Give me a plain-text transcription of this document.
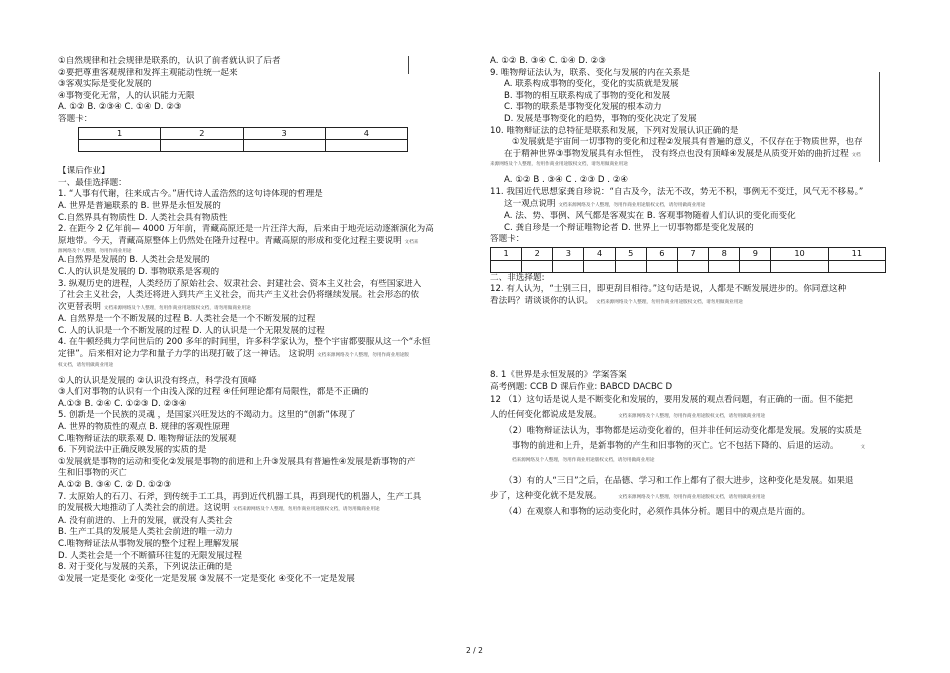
①自然规律和社会规律是联系的，认识了前者就认识了后者
②要把尊重客观规律和发挥主观能动性统一起来
③客观实际是变化发展的
④事物变化无常，人的认识能力无限
A. ①② B. ②③④ C. ①④ D. ②③
答题卡：
1	2	3	4

【课后作业】
一、最佳选择题：
1. “人事有代谢，往来成古今。”唐代诗人孟浩然的这句诗体现的哲理是
A. 世界是普遍联系的 B. 世界是永恒发展的
C.自然界具有物质性 D. 人类社会具有物质性
2. 在距今 2 亿年前— 4000 万年前，青藏高原还是一片汪洋大海，后来由于地壳运动逐渐演化为高
原地带。今天，青藏高原整体上仍然处在隆升过程中。青藏高原的形成和变化过程主要说明 文档来
源网络及个人整理，勿用作商业用途
A.自然界是发展的 B. 人类社会是发展的
C.人的认识是发展的 D. 事物联系是客观的
3. 纵观历史的进程，人类经历了原始社会、奴隶社会、封建社会、资本主义社会，有些国家进入
了社会主义社会，人类还将进入到共产主义社会，而共产主义社会仍将继续发展。社会形态的依
次更替表明 文档来源网络及个人整理，勿用作商业用途版权文档，请勿用做商业用途
A. 自然界是一个不断发展的过程 B. 人类社会是一个不断发展的过程
C. 人的认识是一个不断发展的过程 D. 人的认识是一个无限发展的过程
4. 在牛顿经典力学问世后的 200 多年的时间里，许多科学家认为，整个宇宙都要服从这一个“永恒
定律”。后来相对论力学和量子力学的出现打破了这一神话。 这说明 文档来源网络及个人整理，勿用作商业用途版
权文档，请勿用做商业用途
①人的认识是发展的 ②认识没有终点，科学没有顶峰
③人们对事物的认识有一个由浅入深的过程 ④任何理论都有局限性，都是不正确的
A.①③ B. ②④ C. ①②③ D. ②③④
5. 创新是一个民族的灵魂 ，是国家兴旺发达的不竭动力。这里的“创新”体现了
A. 世界的物质性的观点 B. 规律的客观性原理
C.唯物辩证法的联系观 D. 唯物辩证法的发展观
6. 下列说法中正确反映发展的实质的是
①发展就是事物的运动和变化②发展是事物的前进和上升③发展具有普遍性④发展是新事物的产
生和旧事物的灭亡
A.①② B. ③④ C. ② D. ①②③
7. 太原始人的石刀、石斧，到传统手工工具，再到近代机器工具，再到现代的机器人，生产工具
的发展极大地推动了人类社会的前进。这说明 文档来源网络及个人整理，勿用作商业用途版权文档，请勿用做商业用途
A. 没有前进的、上升的发展，就没有人类社会
B. 生产工具的发展是人类社会前进的唯一动力
C.唯物辩证法从事物发展的整个过程上理解发展
D. 人类社会是一个不断循环往复的无限发展过程
8. 对于变化与发展的关系，下列说法正确的是
①发展一定是变化 ②变化一定是发展 ③发展不一定是变化 ④变化不一定是发展
A. ①② B. ③④ C. ①④ D. ②③
9. 唯物辩证法认为，联系、变化与发展的内在关系是
A. 联系构成事物的变化，变化的实质就是发展
B. 事物的相互联系构成了事物的变化和发展
C. 事物的联系是事物变化发展的根本动力
D. 发展是事物变化的趋势，事物的变化决定了发展
10. 唯物辩证法的总特征是联系和发展，下列对发展认识正确的是
①发展就是宇宙间一切事物的变化和过程②发展具有普遍的意义，不仅存在于物质世界，也存
在于精神世界③事物发展具有永恒性， 没有终点也没有顶峰④发展是从质变开始的曲折过程 文档
来源网络及个人整理，勿用作商业用途版权文档，请勿用做商业用途
A. ①② B . ③④ C . ②③ D . ②④
11. 我国近代思想家龚自珍说：“自古及今，法无不改，势无不积，事例无不变迁，风气无不移易。”
这一观点说明 文档来源网络及个人整理，勿用作商业用途版权文档，请勿用做商业用途
A. 法、势、事例、风气都是客观实在 B. 客观事物随着人们认识的变化而变化
C. 龚自珍是一个辩证唯物论者 D. 世界上一切事物都是变化发展的
答题卡：
1	2	3	4	5	6	7	8	9	10	11

二、非选择题:
12. 有人认为，“士别三日，即更刮目相待。”这句话是说，人都是不断发展进步的。你同意这种
看法吗？请谈谈你的认识。 文档来源网络及个人整理，勿用作商业用途版权文档，请勿用做商业用途
8. 1《世界是永恒发展的》学案答案
高考例题: CCB D 课后作业: BABCD DACBC D
12 （1）这句话是说人是不断变化和发展的，要用发展的观点看问题，有正确的一面。但不能把
人的任何变化都说成是发展。	文档来源网络及个人整理，勿用作商业用途版权文档，请勿用做商业用途
（2）唯物辩证法认为，事物都是运动变化着的，但并非任何运动变化都是发展。发展的实质是
事物的前进和上升，是新事物的产生和旧事物的灭亡。它不包括下降的、后退的运动。	文
档来源网络及个人整理，勿用作商业用途版权文档，请勿用做商业用途
（3）有的人“三日”之后，在品德、学习和工作上都有了很大进步，这种变化是发展。如果退
步了，这种变化就不是发展。	文档来源网络及个人整理，勿用作商业用途版权文档，请勿用做商业用途
（4）在观察人和事物的运动变化时，必须作具体分析。题目中的观点是片面的。
2 / 2
